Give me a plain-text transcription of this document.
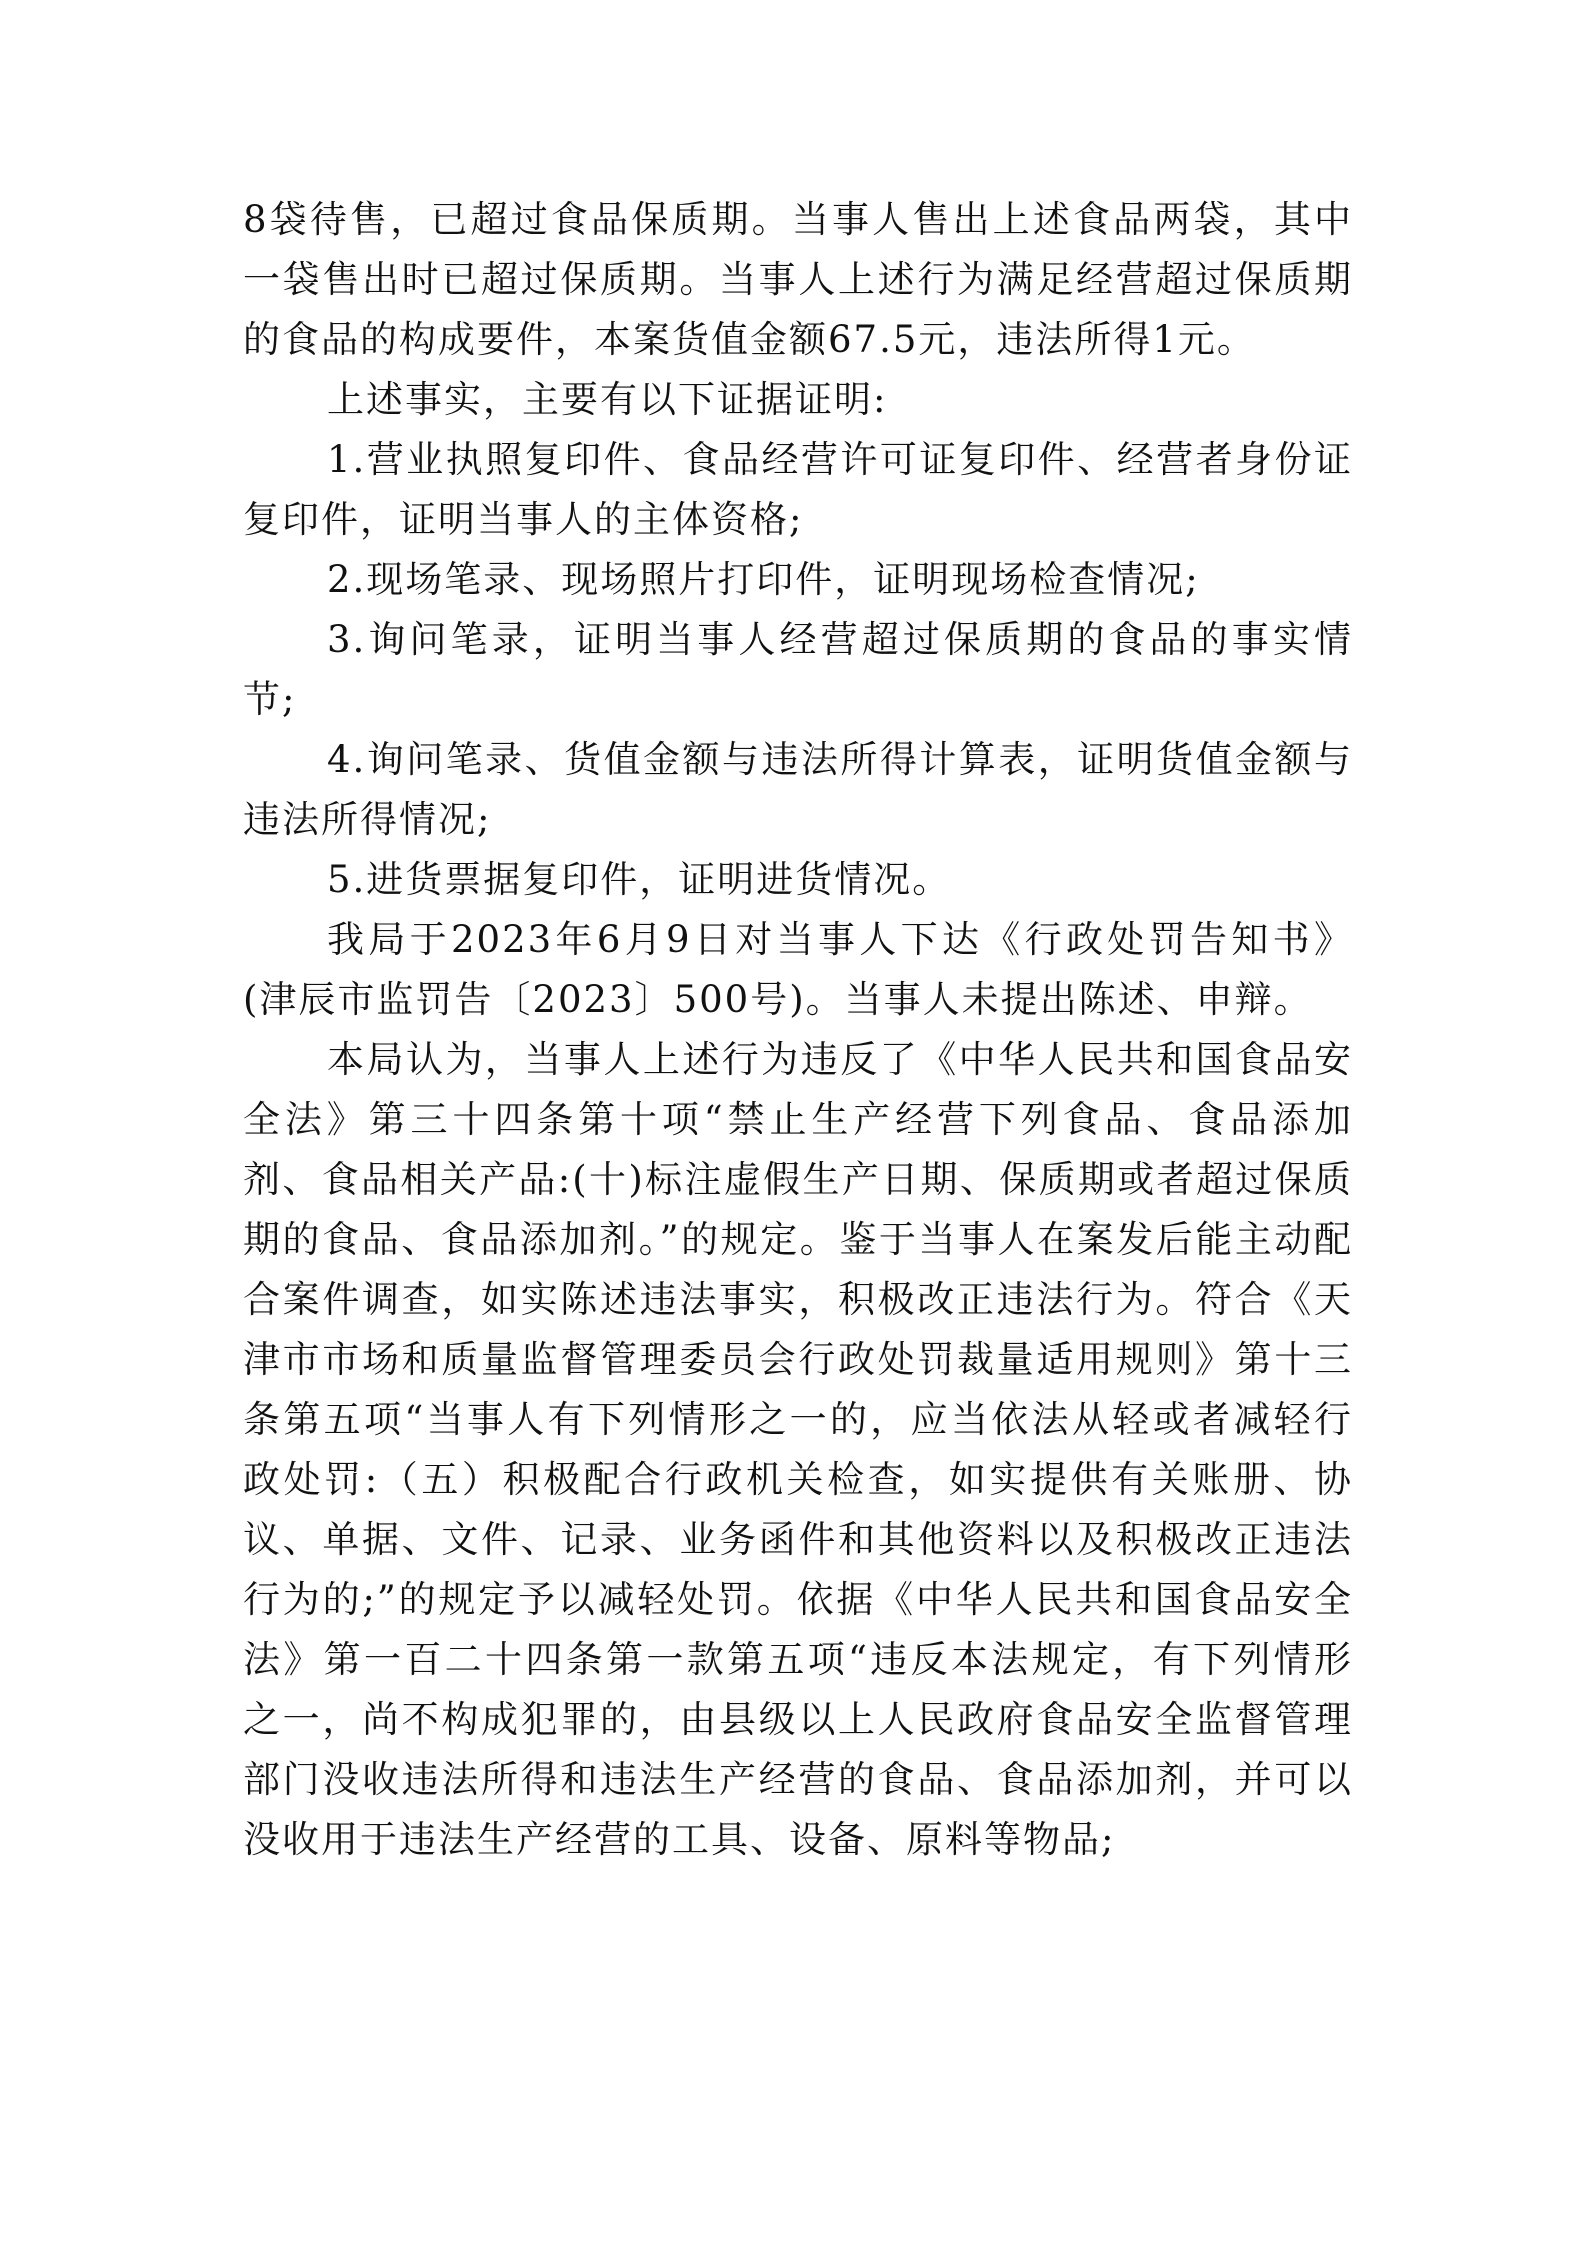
8袋待售，已超过食品保质期。当事人售出上述食品两袋，其中一袋售出时已超过保质期。当事人上述行为满足经营超过保质期的食品的构成要件，本案货值金额67.5元，违法所得1元。

上述事实，主要有以下证据证明:

1.营业执照复印件、食品经营许可证复印件、经营者身份证复印件，证明当事人的主体资格;

2.现场笔录、现场照片打印件，证明现场检查情况;

3.询问笔录，证明当事人经营超过保质期的食品的事实情节;

4.询问笔录、货值金额与违法所得计算表，证明货值金额与违法所得情况;

5.进货票据复印件，证明进货情况。

我局于2023年6月9日对当事人下达《行政处罚告知书》(津辰市监罚告〔2023〕500号)。当事人未提出陈述、申辩。

本局认为，当事人上述行为违反了《中华人民共和国食品安全法》第三十四条第十项“禁止生产经营下列食品、食品添加剂、食品相关产品:(十)标注虚假生产日期、保质期或者超过保质期的食品、食品添加剂。”的规定。鉴于当事人在案发后能主动配合案件调查，如实陈述违法事实，积极改正违法行为。符合《天津市市场和质量监督管理委员会行政处罚裁量适用规则》第十三条第五项“当事人有下列情形之一的，应当依法从轻或者减轻行政处罚:（五）积极配合行政机关检查，如实提供有关账册、协议、单据、文件、记录、业务函件和其他资料以及积极改正违法行为的;”的规定予以减轻处罚。依据《中华人民共和国食品安全法》第一百二十四条第一款第五项“违反本法规定，有下列情形之一，尚不构成犯罪的，由县级以上人民政府食品安全监督管理部门没收违法所得和违法生产经营的食品、食品添加剂，并可以没收用于违法生产经营的工具、设备、原料等物品;
